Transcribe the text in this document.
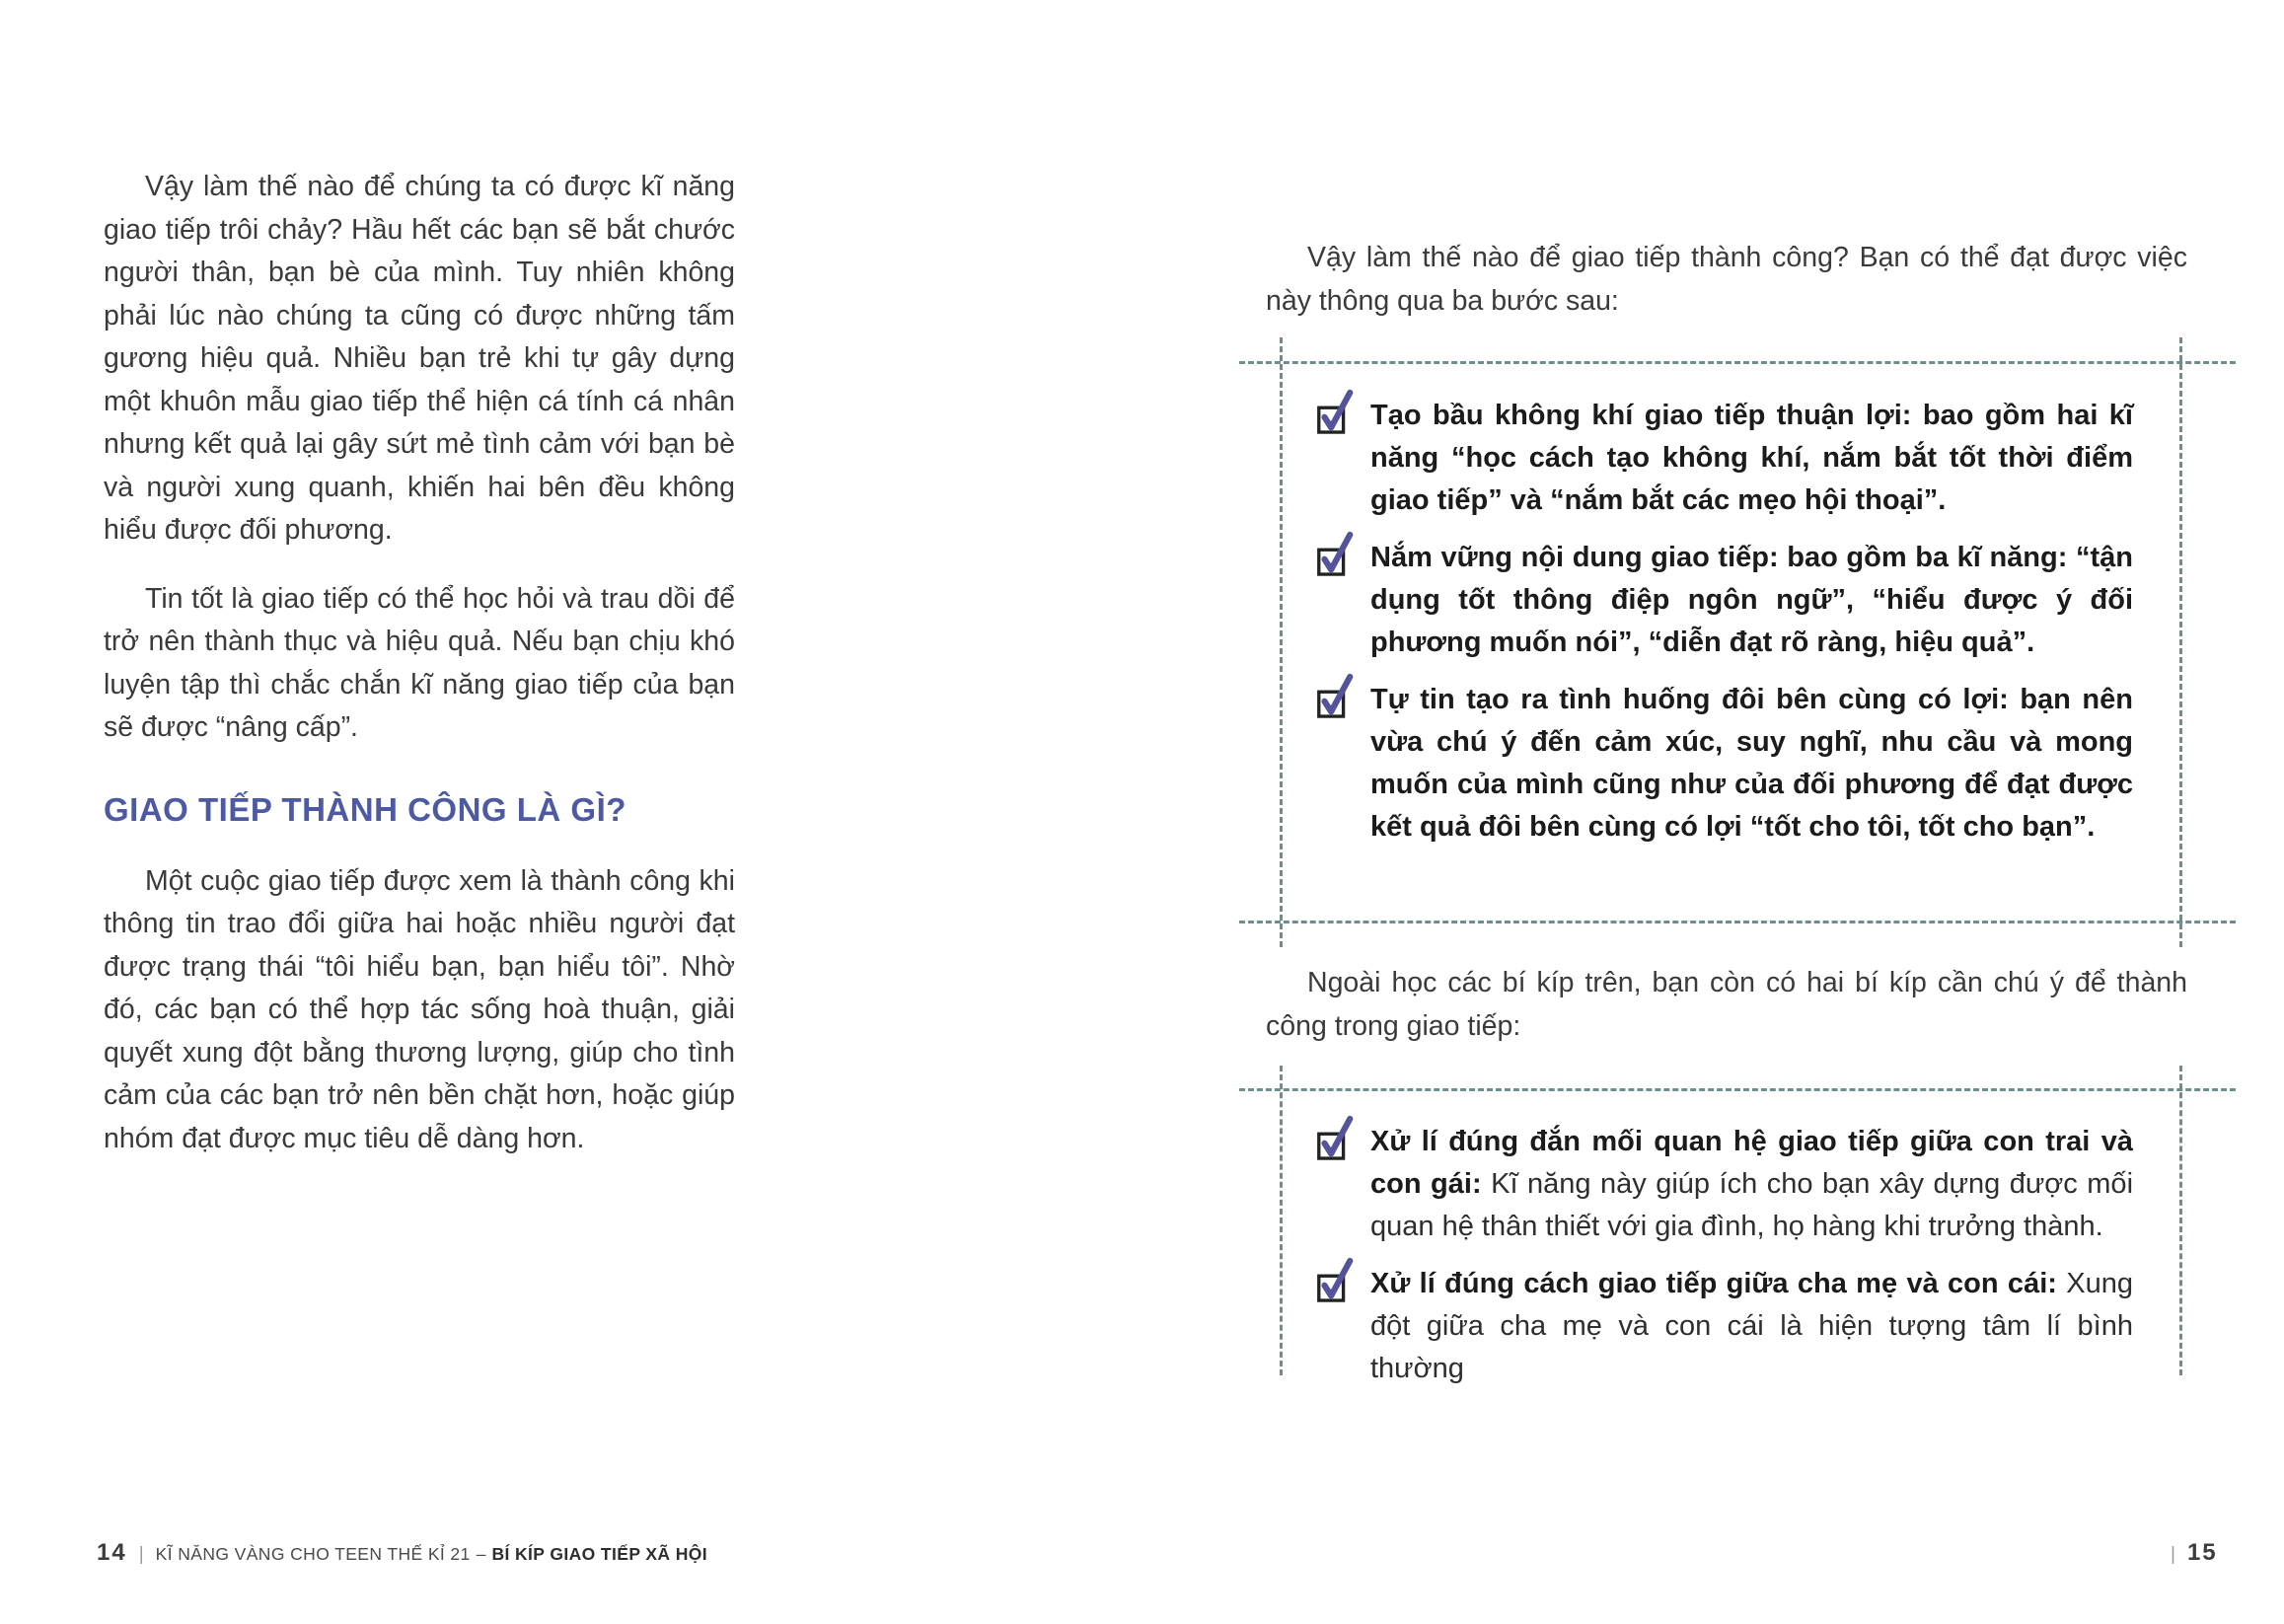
Vậy làm thế nào để chúng ta có được kĩ năng giao tiếp trôi chảy? Hầu hết các bạn sẽ bắt chước người thân, bạn bè của mình. Tuy nhiên không phải lúc nào chúng ta cũng có được những tấm gương hiệu quả. Nhiều bạn trẻ khi tự gây dựng một khuôn mẫu giao tiếp thể hiện cá tính cá nhân nhưng kết quả lại gây sứt mẻ tình cảm với bạn bè và người xung quanh, khiến hai bên đều không hiểu được đối phương.

Tin tốt là giao tiếp có thể học hỏi và trau dồi để trở nên thành thục và hiệu quả. Nếu bạn chịu khó luyện tập thì chắc chắn kĩ năng giao tiếp của bạn sẽ được “nâng cấp”.

GIAO TIẾP THÀNH CÔNG LÀ GÌ?

Một cuộc giao tiếp được xem là thành công khi thông tin trao đổi giữa hai hoặc nhiều người đạt được trạng thái “tôi hiểu bạn, bạn hiểu tôi”. Nhờ đó, các bạn có thể hợp tác sống hoà thuận, giải quyết xung đột bằng thương lượng, giúp cho tình cảm của các bạn trở nên bền chặt hơn, hoặc giúp nhóm đạt được mục tiêu dễ dàng hơn.

Vậy làm thế nào để giao tiếp thành công? Bạn có thể đạt được việc này thông qua ba bước sau:

Tạo bầu không khí giao tiếp thuận lợi: bao gồm hai kĩ năng “học cách tạo không khí, nắm bắt tốt thời điểm giao tiếp” và “nắm bắt các mẹo hội thoại”.
Nắm vững nội dung giao tiếp: bao gồm ba kĩ năng: “tận dụng tốt thông điệp ngôn ngữ”, “hiểu được ý đối phương muốn nói”, “diễn đạt rõ ràng, hiệu quả”.
Tự tin tạo ra tình huống đôi bên cùng có lợi: bạn nên vừa chú ý đến cảm xúc, suy nghĩ, nhu cầu và mong muốn của mình cũng như của đối phương để đạt được kết quả đôi bên cùng có lợi “tốt cho tôi, tốt cho bạn”.

Ngoài học các bí kíp trên, bạn còn có hai bí kíp cần chú ý để thành công trong giao tiếp:

Xử lí đúng đắn mối quan hệ giao tiếp giữa con trai và con gái: Kĩ năng này giúp ích cho bạn xây dựng được mối quan hệ thân thiết với gia đình, họ hàng khi trưởng thành.
Xử lí đúng cách giao tiếp giữa cha mẹ và con cái: Xung đột giữa cha mẹ và con cái là hiện tượng tâm lí bình thường
14 | KĨ NĂNG VÀNG CHO TEEN THẾ KỈ 21 – BÍ KÍP GIAO TIẾP XÃ HỘI	| 15
